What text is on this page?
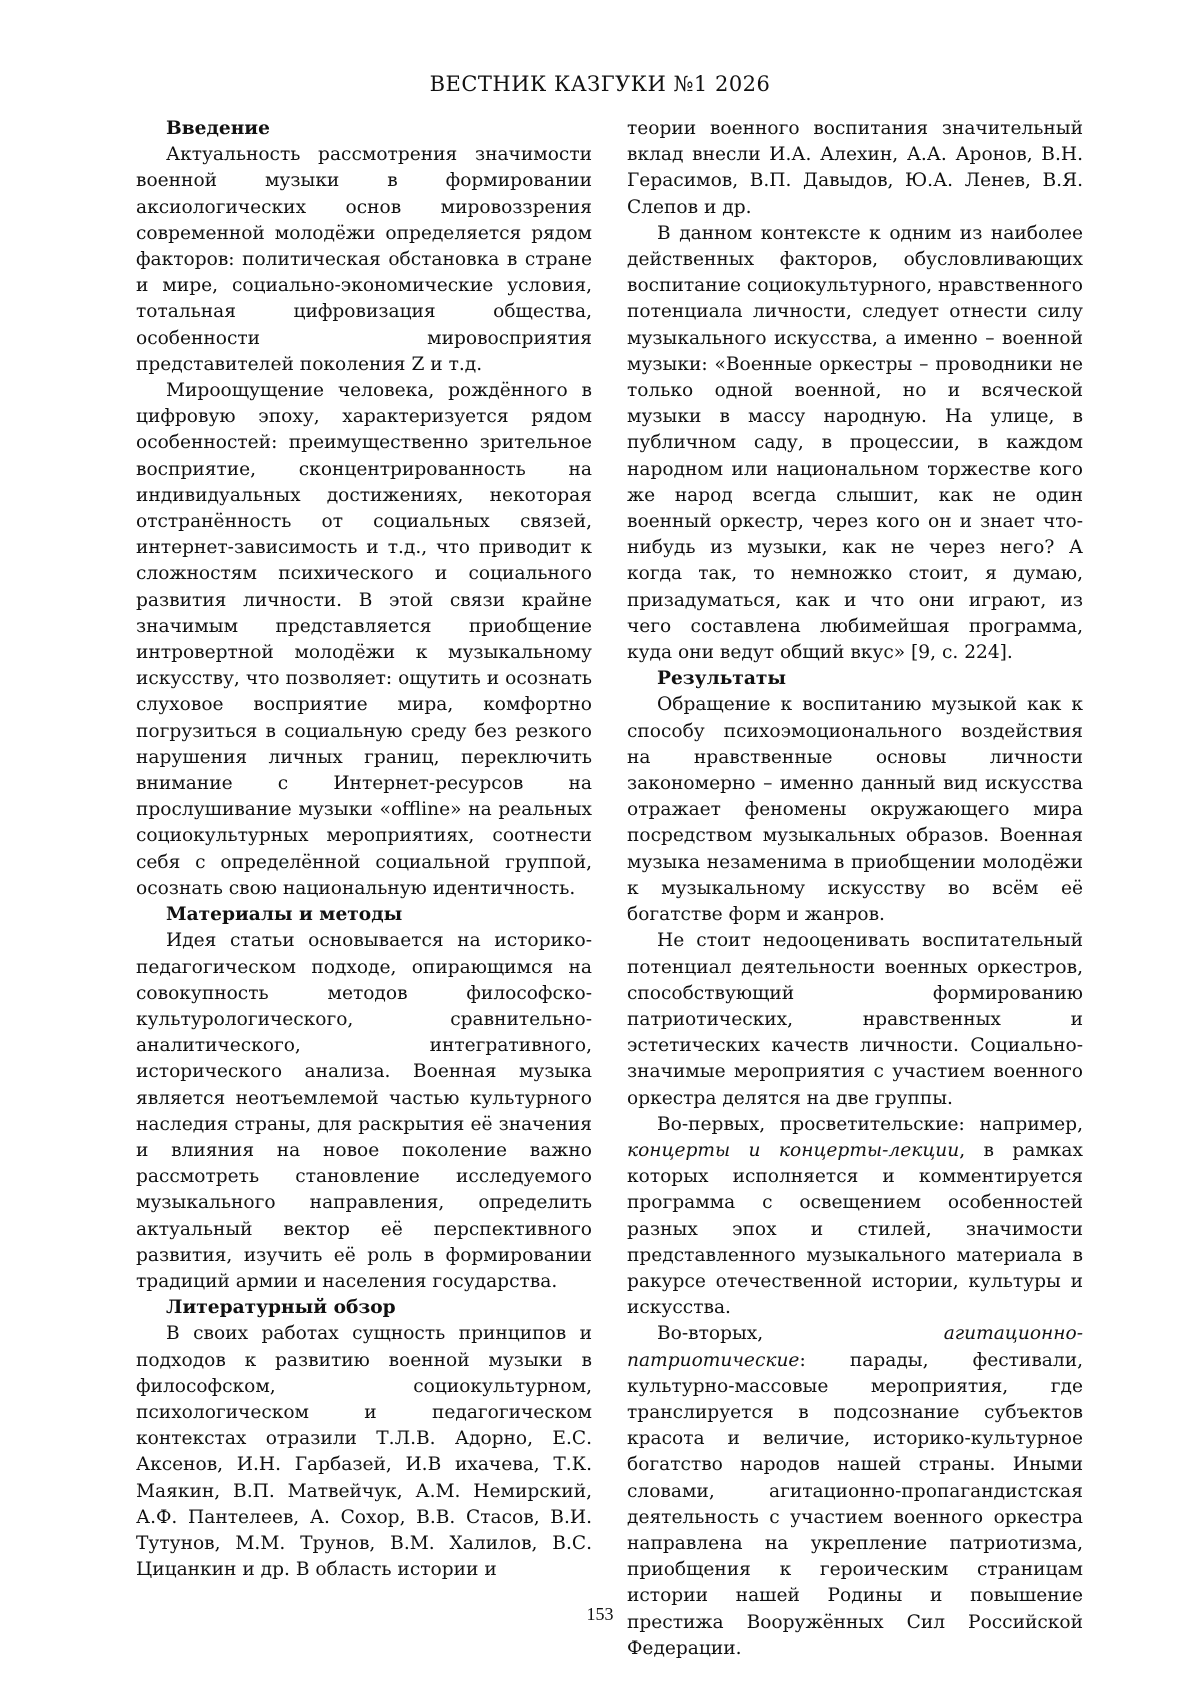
ВЕСТНИК КАЗГУКИ №1 2026
Введение

Актуальность рассмотрения значимости военной музыки в формировании аксиологических основ мировоззрения современной молодёжи определяется рядом факторов: политическая обстановка в стране и мире, социально-экономические условия, тотальная цифровизация общества, особенности мировосприятия представителей поколения Z и т.д.

Мироощущение человека, рождённого в цифровую эпоху, характеризуется рядом особенностей: преимущественно зрительное восприятие, сконцентрированность на индивидуальных достижениях, некоторая отстранённость от социальных связей, интернет-зависимость и т.д., что приводит к сложностям психического и социального развития личности. В этой связи крайне значимым представляется приобщение интровертной молодёжи к музыкальному искусству, что позволяет: ощутить и осознать слуховое восприятие мира, комфортно погрузиться в социальную среду без резкого нарушения личных границ, переключить внимание с Интернет-ресурсов на прослушивание музыки «offline» на реальных социокультурных мероприятиях, соотнести себя с определённой социальной группой, осознать свою национальную идентичность.

Материалы и методы

Идея статьи основывается на историко-педагогическом подходе, опирающимся на совокупность методов философско-культурологического, сравнительно-аналитического, интегративного, исторического анализа. Военная музыка является неотъемлемой частью культурного наследия страны, для раскрытия её значения и влияния на новое поколение важно рассмотреть становление исследуемого музыкального направления, определить актуальный вектор её перспективного развития, изучить её роль в формировании традиций армии и населения государства.

Литературный обзор

В своих работах сущность принципов и подходов к развитию военной музыки в философском, социокультурном, психологическом и педагогическом контекстах отразили Т.Л.В. Адорно, Е.С. Аксенов, И.Н. Гарбазей, И.В ихачева, Т.К. Маякин, В.П. Матвейчук, А.М. Немирский, А.Ф. Пантелеев, А. Сохор, В.В. Стасов, В.И. Тутунов, М.М. Трунов, В.М. Халилов, В.С. Цицанкин и др. В область истории и

теории военного воспитания значительный вклад внесли И.А. Алехин, А.А. Аронов, В.Н. Герасимов, В.П. Давыдов, Ю.А. Ленев, В.Я. Слепов и др.

В данном контексте к одним из наиболее действенных факторов, обусловливающих воспитание социокультурного, нравственного потенциала личности, следует отнести силу музыкального искусства, а именно – военной музыки: «Военные оркестры – проводники не только одной военной, но и всяческой музыки в массу народную. На улице, в публичном саду, в процессии, в каждом народном или национальном торжестве кого же народ всегда слышит, как не один военный оркестр, через кого он и знает что-нибудь из музыки, как не через него? А когда так, то немножко стоит, я думаю, призадуматься, как и что они играют, из чего составлена любимейшая программа, куда они ведут общий вкус» [9, с. 224].

Результаты

Обращение к воспитанию музыкой как к способу психоэмоционального воздействия на нравственные основы личности закономерно – именно данный вид искусства отражает феномены окружающего мира посредством музыкальных образов. Военная музыка незаменима в приобщении молодёжи к музыкальному искусству во всём её богатстве форм и жанров.

Не стоит недооценивать воспитательный потенциал деятельности военных оркестров, способствующий формированию патриотических, нравственных и эстетических качеств личности. Социально-значимые мероприятия с участием военного оркестра делятся на две группы.

Во-первых, просветительские: например, концерты и концерты-лекции, в рамках которых исполняется и комментируется программа с освещением особенностей разных эпох и стилей, значимости представленного музыкального материала в ракурсе отечественной истории, культуры и искусства.

Во-вторых, агитационно-патриотические: парады, фестивали, культурно-массовые мероприятия, где транслируется в подсознание субъектов красота и величие, историко-культурное богатство народов нашей страны. Иными словами, агитационно-пропагандистская деятельность с участием военного оркестра направлена на укрепление патриотизма, приобщения к героическим страницам истории нашей Родины и повышение престижа Вооружённых Сил Российской Федерации.

153
